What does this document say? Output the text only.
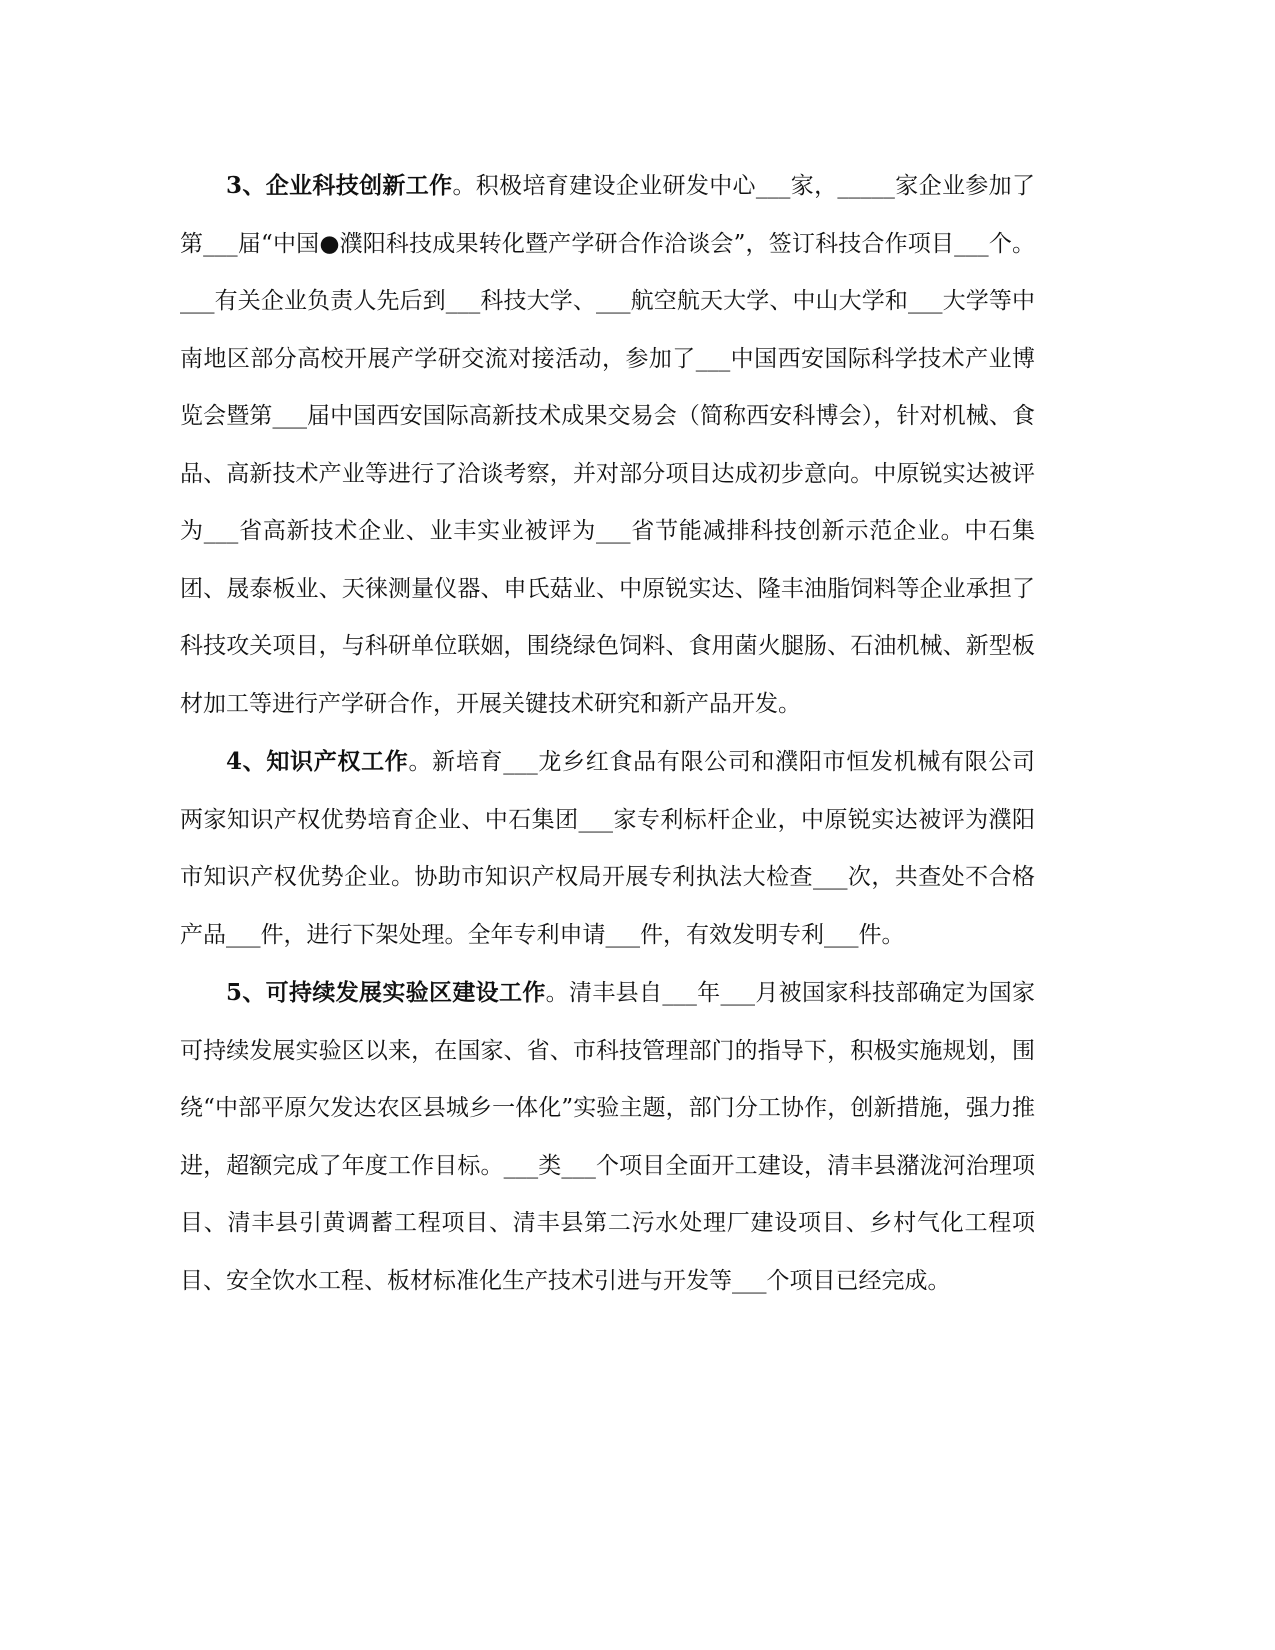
3、企业科技创新工作。积极培育建设企业研发中心___家，_____家企业参加了第___届“中国●濮阳科技成果转化暨产学研合作洽谈会”，签订科技合作项目___个。___有关企业负责人先后到___科技大学、___航空航天大学、中山大学和___大学等中南地区部分高校开展产学研交流对接活动，参加了___中国西安国际科学技术产业博览会暨第___届中国西安国际高新技术成果交易会（简称西安科博会），针对机械、食品、高新技术产业等进行了洽谈考察，并对部分项目达成初步意向。中原锐实达被评为___省高新技术企业、业丰实业被评为___省节能减排科技创新示范企业。中石集团、晟泰板业、天徕测量仪器、申氏菇业、中原锐实达、隆丰油脂饲料等企业承担了科技攻关项目，与科研单位联姻，围绕绿色饲料、食用菌火腿肠、石油机械、新型板材加工等进行产学研合作，开展关键技术研究和新产品开发。

4、知识产权工作。新培育___龙乡红食品有限公司和濮阳市恒发机械有限公司两家知识产权优势培育企业、中石集团___家专利标杆企业，中原锐实达被评为濮阳市知识产权优势企业。协助市知识产权局开展专利执法大检查___次，共查处不合格产品___件，进行下架处理。全年专利申请___件，有效发明专利___件。

5、可持续发展实验区建设工作。清丰县自___年___月被国家科技部确定为国家可持续发展实验区以来，在国家、省、市科技管理部门的指导下，积极实施规划，围绕“中部平原欠发达农区县城乡一体化”实验主题，部门分工协作，创新措施，强力推进，超额完成了年度工作目标。___类___个项目全面开工建设，清丰县潴泷河治理项目、清丰县引黄调蓄工程项目、清丰县第二污水处理厂建设项目、乡村气化工程项目、安全饮水工程、板材标准化生产技术引进与开发等___个项目已经完成。
